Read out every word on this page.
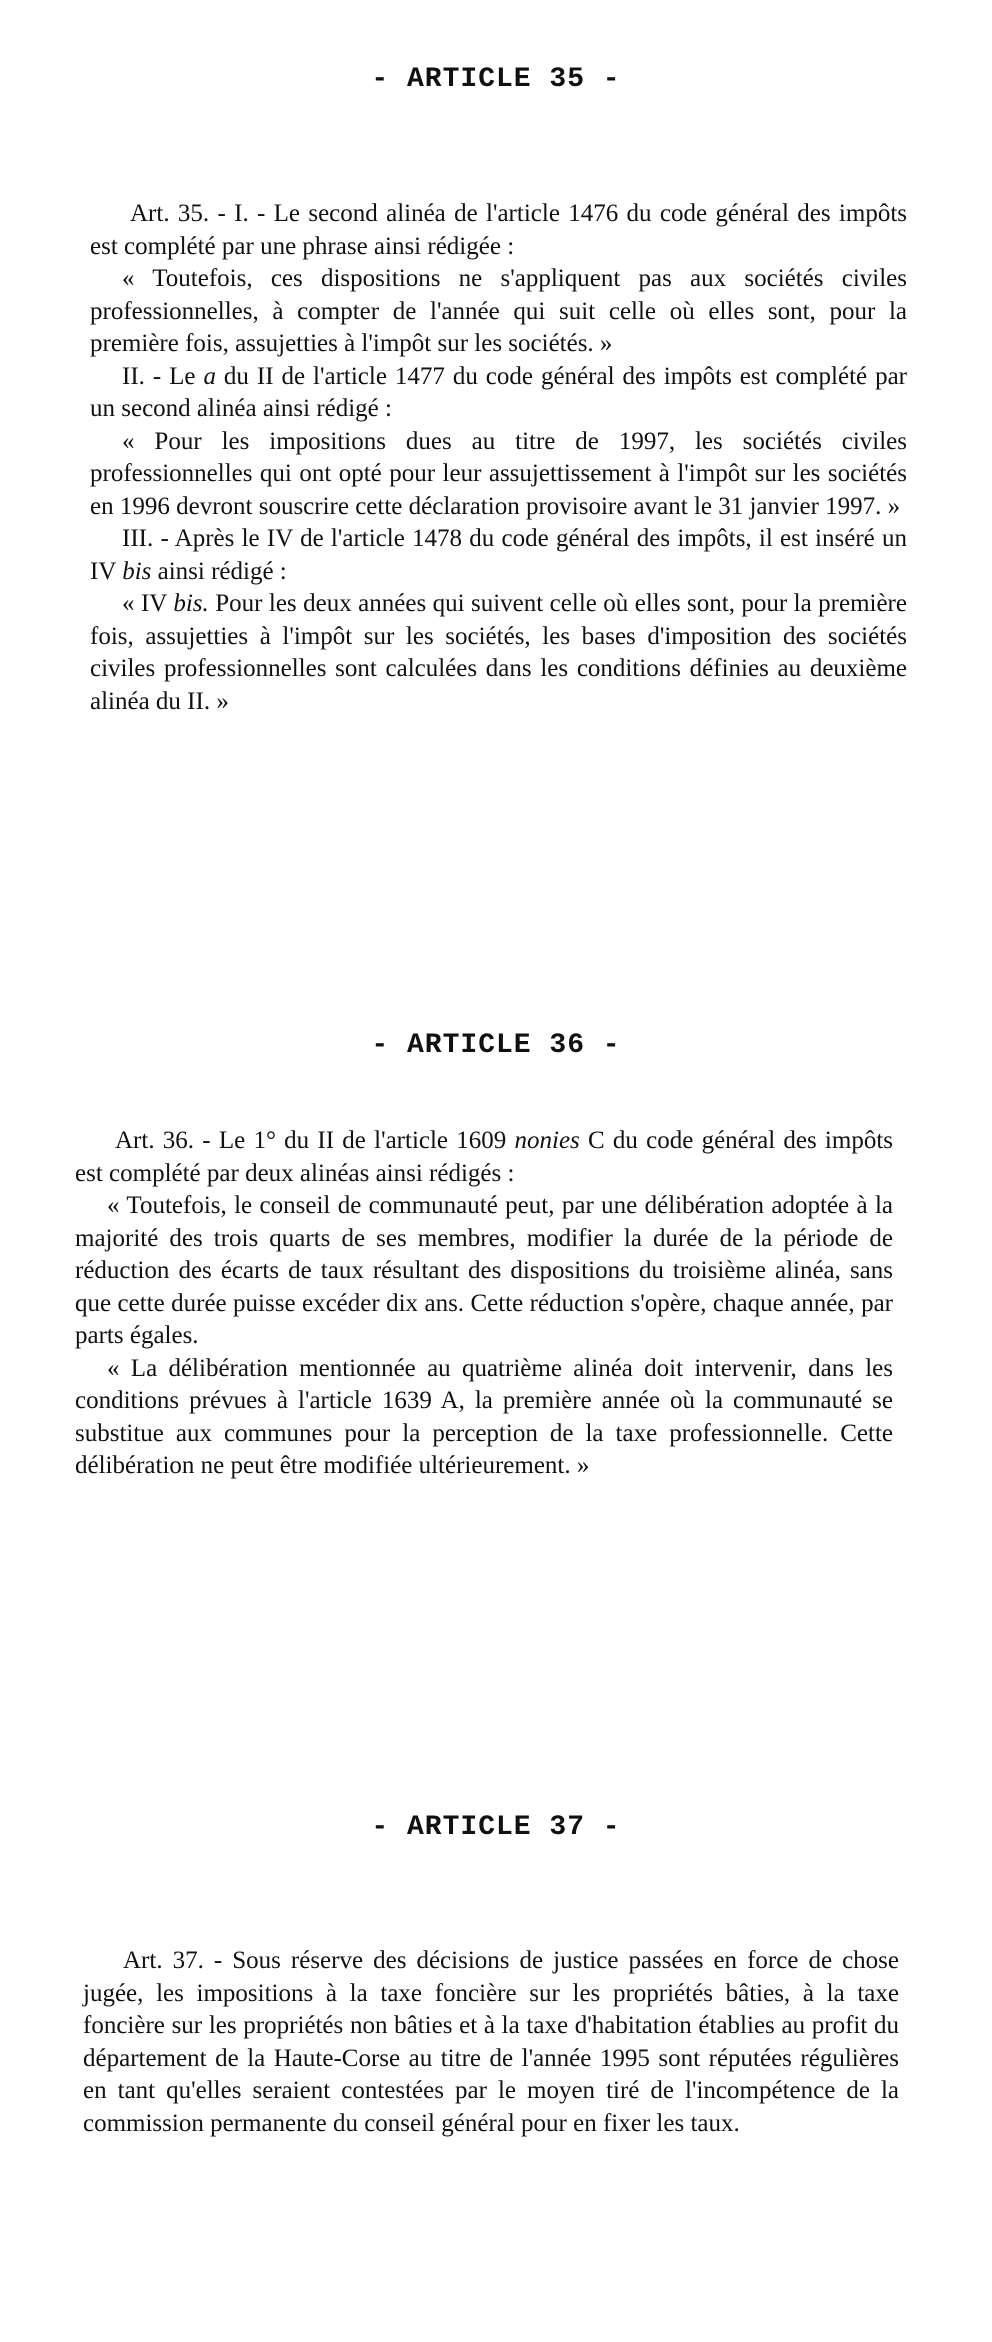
- ARTICLE 35 -

Art. 35. - I. - Le second alinéa de l'article 1476 du code général des impôts est complété par une phrase ainsi rédigée :

« Toutefois, ces dispositions ne s'appliquent pas aux sociétés civiles professionnelles, à compter de l'année qui suit celle où elles sont, pour la première fois, assujetties à l'impôt sur les sociétés. »

II. - Le a du II de l'article 1477 du code général des impôts est complété par un second alinéa ainsi rédigé :

« Pour les impositions dues au titre de 1997, les sociétés civiles professionnelles qui ont opté pour leur assujettissement à l'impôt sur les sociétés en 1996 devront souscrire cette déclaration provisoire avant le 31 janvier 1997. »

III. - Après le IV de l'article 1478 du code général des impôts, il est inséré un IV bis ainsi rédigé :

« IV bis. Pour les deux années qui suivent celle où elles sont, pour la première fois, assujetties à l'impôt sur les sociétés, les bases d'imposition des sociétés civiles professionnelles sont calculées dans les conditions définies au deuxième alinéa du II. »

- ARTICLE 36 -

Art. 36. - Le 1° du II de l'article 1609 nonies C du code général des impôts est complété par deux alinéas ainsi rédigés :

« Toutefois, le conseil de communauté peut, par une délibération adoptée à la majorité des trois quarts de ses membres, modifier la durée de la période de réduction des écarts de taux résultant des dispositions du troisième alinéa, sans que cette durée puisse excéder dix ans. Cette réduction s'opère, chaque année, par parts égales.

« La délibération mentionnée au quatrième alinéa doit intervenir, dans les conditions prévues à l'article 1639 A, la première année où la communauté se substitue aux communes pour la perception de la taxe professionnelle. Cette délibération ne peut être modifiée ultérieurement. »

- ARTICLE 37 -

Art. 37. - Sous réserve des décisions de justice passées en force de chose jugée, les impositions à la taxe foncière sur les propriétés bâties, à la taxe foncière sur les propriétés non bâties et à la taxe d'habitation établies au profit du département de la Haute-Corse au titre de l'année 1995 sont réputées régulières en tant qu'elles seraient contestées par le moyen tiré de l'incompétence de la commission permanente du conseil général pour en fixer les taux.
